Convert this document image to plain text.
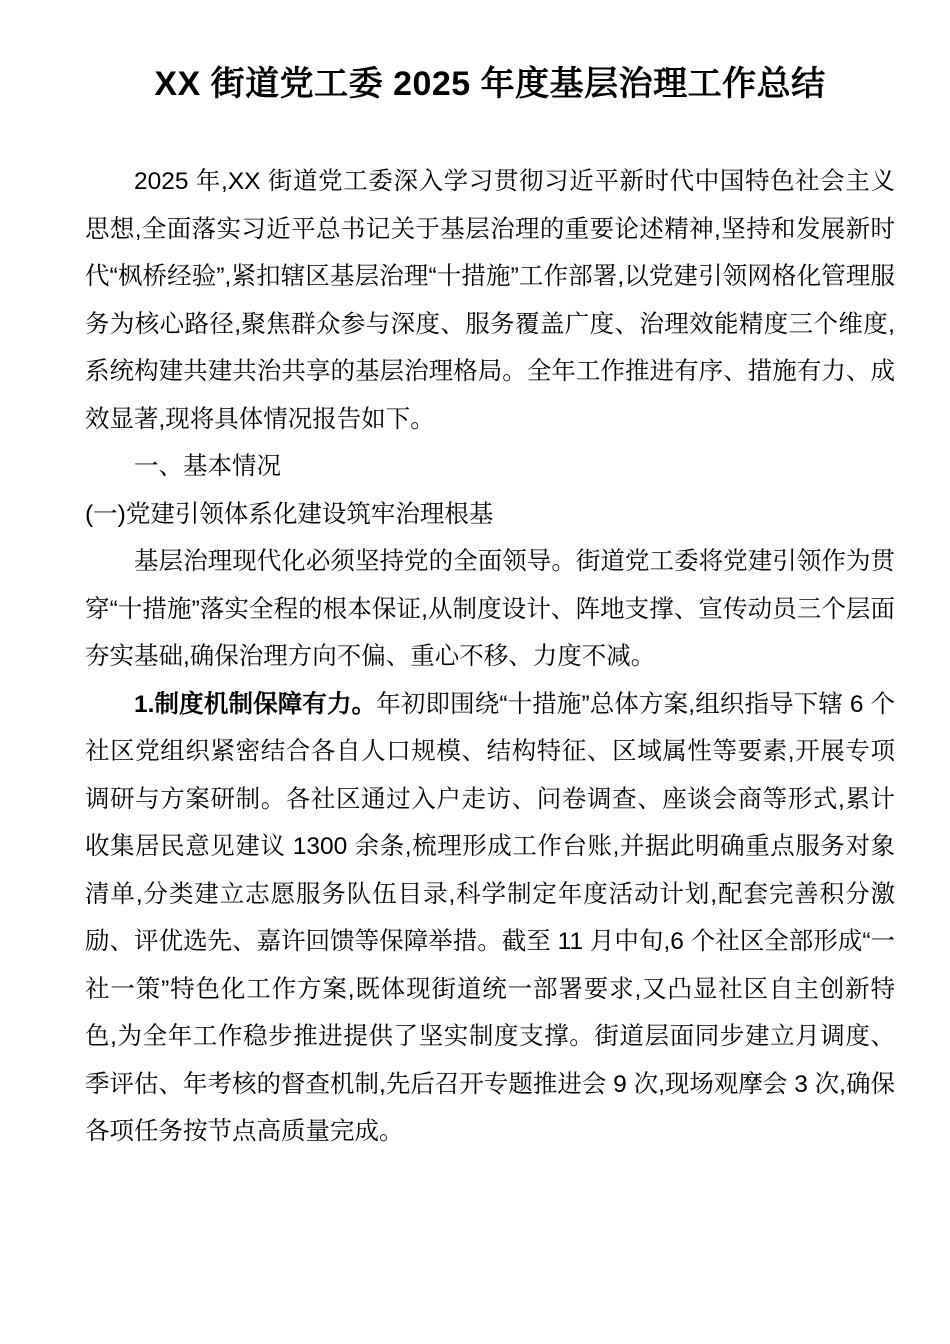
XX 街道党工委 2025 年度基层治理工作总结

2025 年,XX 街道党工委深入学习贯彻习近平新时代中国特色社会主义思想,全面落实习近平总书记关于基层治理的重要论述精神,坚持和发展新时代“枫桥经验”,紧扣辖区基层治理“十措施”工作部署,以党建引领网格化管理服务为核心路径,聚焦群众参与深度、服务覆盖广度、治理效能精度三个维度,系统构建共建共治共享的基层治理格局。全年工作推进有序、措施有力、成效显著,现将具体情况报告如下。

一、基本情况

(一)党建引领体系化建设筑牢治理根基

基层治理现代化必须坚持党的全面领导。街道党工委将党建引领作为贯穿“十措施”落实全程的根本保证,从制度设计、阵地支撑、宣传动员三个层面夯实基础,确保治理方向不偏、重心不移、力度不减。

1.制度机制保障有力。年初即围绕“十措施”总体方案,组织指导下辖 6 个社区党组织紧密结合各自人口规模、结构特征、区域属性等要素,开展专项调研与方案研制。各社区通过入户走访、问卷调查、座谈会商等形式,累计收集居民意见建议 1300 余条,梳理形成工作台账,并据此明确重点服务对象清单,分类建立志愿服务队伍目录,科学制定年度活动计划,配套完善积分激励、评优选先、嘉许回馈等保障举措。截至 11 月中旬,6 个社区全部形成“一社一策”特色化工作方案,既体现街道统一部署要求,又凸显社区自主创新特色,为全年工作稳步推进提供了坚实制度支撑。街道层面同步建立月调度、季评估、年考核的督查机制,先后召开专题推进会 9 次,现场观摩会 3 次,确保各项任务按节点高质量完成。
